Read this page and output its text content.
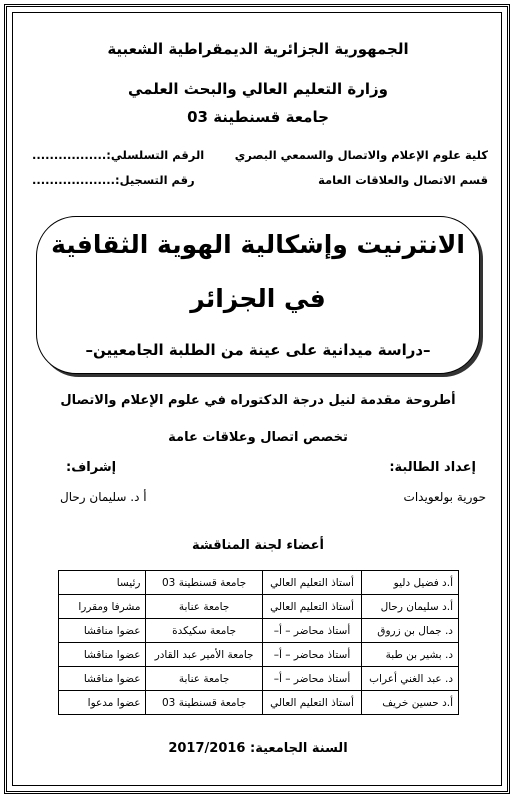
الجمهورية الجزائرية الديمقراطية الشعبية
وزارة التعليم العالي والبحث العلمي
جامعة قسنطينة 03
كلية علوم الإعلام والاتصال والسمعي البصري
الرقم التسلسلي:.................
قسم الاتصال والعلاقات العامة
رقم التسجيل:...................
الانترنيت وإشكالية الهوية الثقافية
في الجزائر
–دراسة ميدانية على عينة من الطلبة الجامعيين–
أطروحة مقدمة لنيل درجة الدكتوراه في علوم الإعلام والاتصال
تخصص اتصال وعلاقات عامة
إعداد الطالبة:
إشراف:
حورية بولعويدات
أ د. سليمان رحال
أعضاء لجنة المناقشة
أ.د فضيل دليو	أستاذ التعليم العالي	جامعة قسنطينة 03	رئيسا
أ.د سليمان رحال	أستاذ التعليم العالي	جامعة عنابة	مشرفا ومقررا
د. جمال بن زروق	أستاذ محاضر – أ–	جامعة سكيكدة	عضوا مناقشا
د. بشير بن طبة	أستاذ محاضر – أ–	جامعة الأمير عبد القادر	عضوا مناقشا
د. عبد الغني أعراب	أستاذ محاضر – أ–	جامعة عنابة	عضوا مناقشا
أ.د حسين خريف	أستاذ التعليم العالي	جامعة قسنطينة 03	عضوا مدعوا
السنة الجامعية: 2017/2016
